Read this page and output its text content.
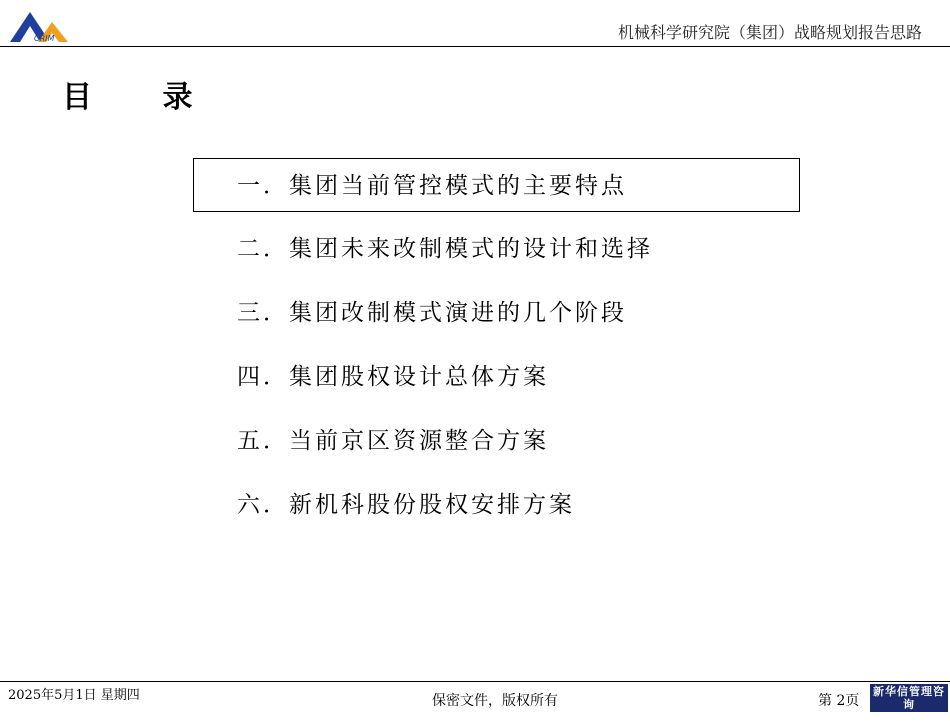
CRIM	机械科学研究院（集团）战略规划报告思路
目 录
一．集团当前管控模式的主要特点
二．集团未来改制模式的设计和选择
三．集团改制模式演进的几个阶段
四．集团股权设计总体方案
五．当前京区资源整合方案
六．新机科股份股权安排方案
2025年5月1日 星期四	保密文件，版权所有	第 2页
新华信管理咨询
SINOTRUST
